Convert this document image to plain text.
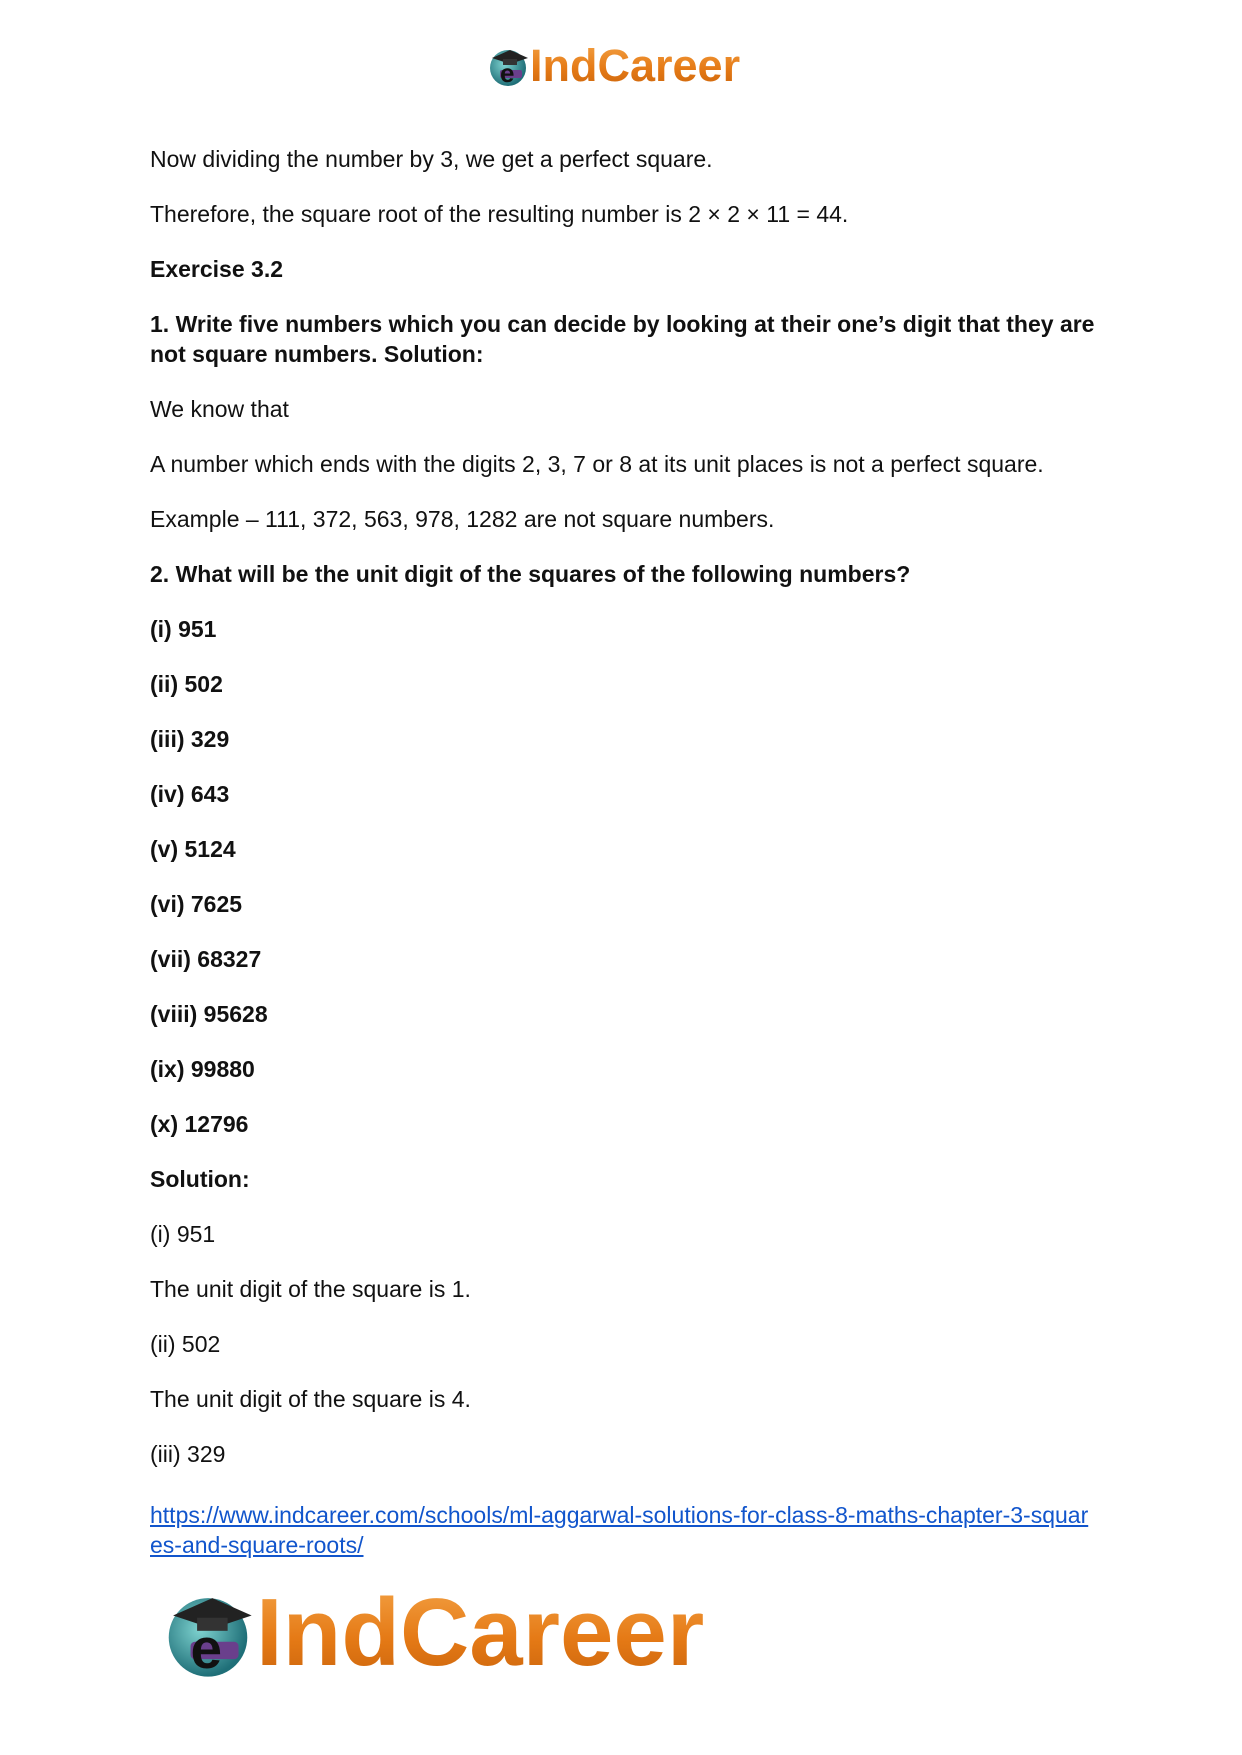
e IndCareer

Now dividing the number by 3, we get a perfect square.

Therefore, the square root of the resulting number is 2 × 2 × 11 = 44.

Exercise 3.2

1. Write five numbers which you can decide by looking at their one’s digit that they are not square numbers. Solution:

We know that

A number which ends with the digits 2, 3, 7 or 8 at its unit places is not a perfect square.

Example – 111, 372, 563, 978, 1282 are not square numbers.

2. What will be the unit digit of the squares of the following numbers?

(i) 951

(ii) 502

(iii) 329

(iv) 643

(v) 5124

(vi) 7625

(vii) 68327

(viii) 95628

(ix) 99880

(x) 12796

Solution:

(i) 951

The unit digit of the square is 1.

(ii) 502

The unit digit of the square is 4.

(iii) 329

https://www.indcareer.com/schools/ml-aggarwal-solutions-for-class-8-maths-chapter-3-squares-and-square-roots/
e IndCareer
